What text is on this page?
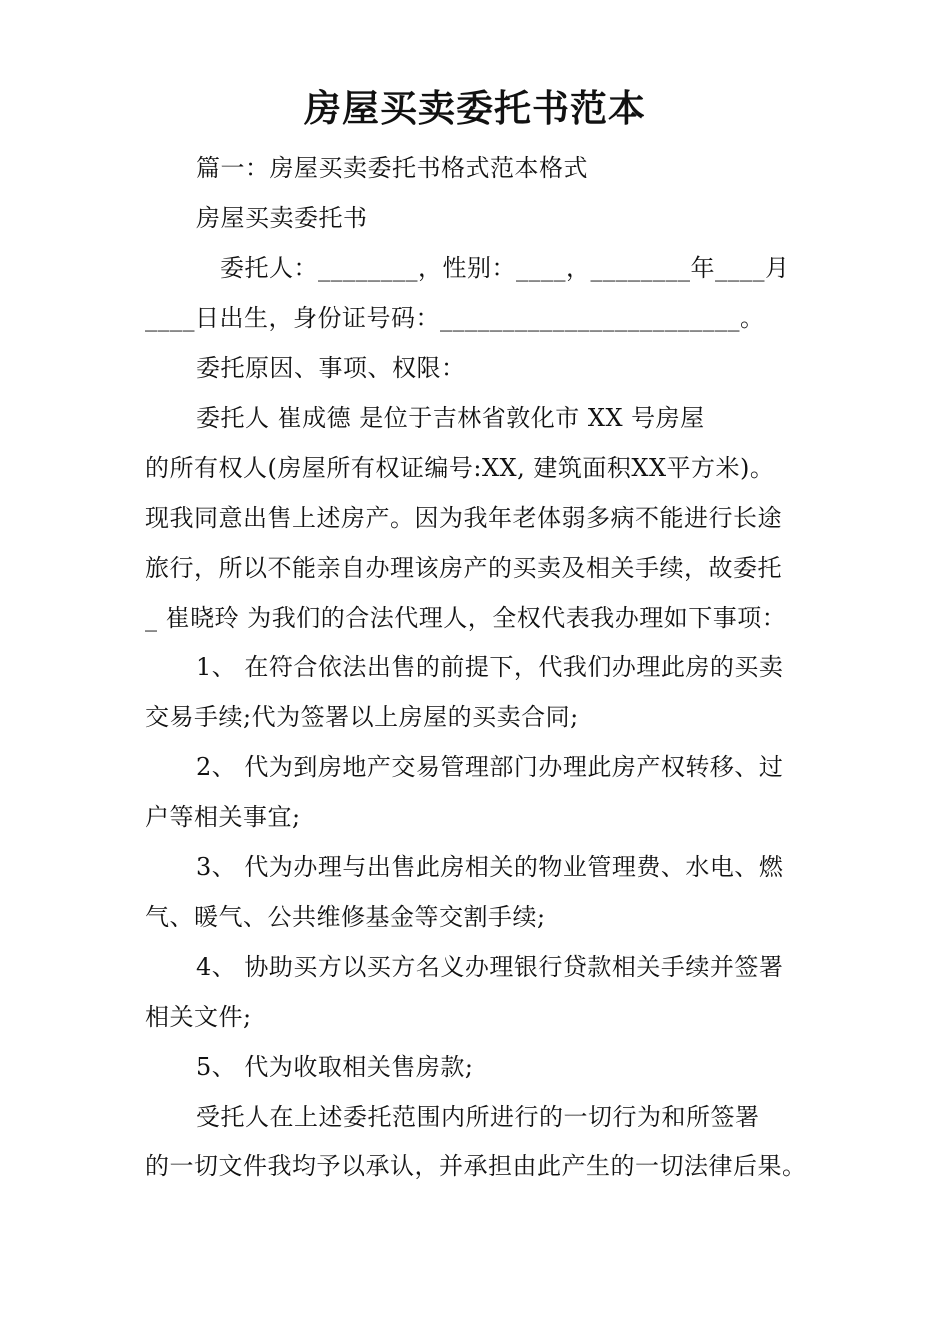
房屋买卖委托书范本
篇一：房屋买卖委托书格式范本格式
房屋买卖委托书
委托人：________，性别：____，________年____月
____日出生，身份证号码：________________________。
委托原因、事项、权限：
委托人 崔成德 是位于吉林省敦化市 XX 号房屋
的所有权人(房屋所有权证编号:XX, 建筑面积XX平方米)。
现我同意出售上述房产。因为我年老体弱多病不能进行长途
旅行，所以不能亲自办理该房产的买卖及相关手续，故委托
_ 崔晓玲 为我们的合法代理人，全权代表我办理如下事项：
1、 在符合依法出售的前提下，代我们办理此房的买卖
交易手续;代为签署以上房屋的买卖合同;
2、 代为到房地产交易管理部门办理此房产权转移、过
户等相关事宜;
3、 代为办理与出售此房相关的物业管理费、水电、燃
气、暖气、公共维修基金等交割手续;
4、 协助买方以买方名义办理银行贷款相关手续并签署
相关文件;
5、 代为收取相关售房款;
受托人在上述委托范围内所进行的一切行为和所签署
的一切文件我均予以承认，并承担由此产生的一切法律后果。
